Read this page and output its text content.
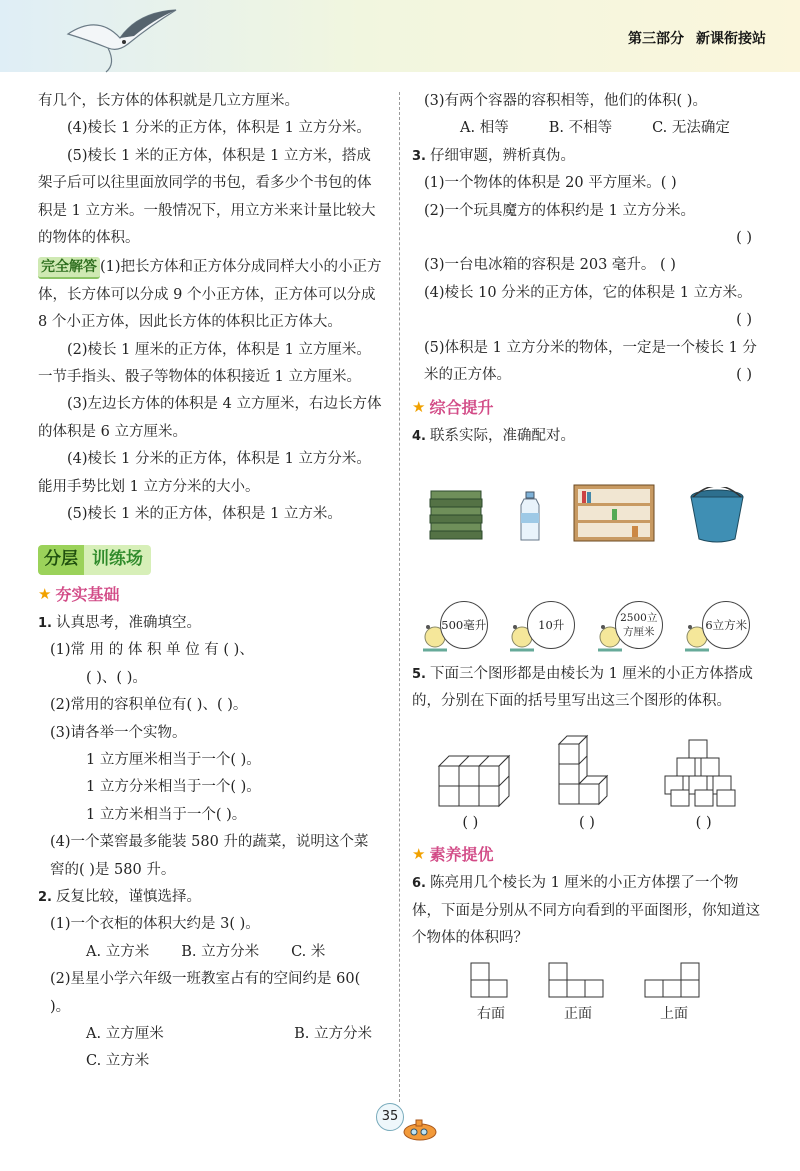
第三部分 新课衔接站

有几个，长方体的体积就是几立方厘米。

(4)棱长 1 分米的正方体，体积是 1 立方分米。

(5)棱长 1 米的正方体，体积是 1 立方米，搭成架子后可以往里面放同学的书包，看多少个书包的体积是 1 立方米。一般情况下，用立方米来计量比较大的物体的体积。

完全解答 (1)把长方体和正方体分成同样大小的小正方体，长方体可以分成 9 个小正方体，正方体可以分成 8 个小正方体，因此长方体的体积比正方体大。

(2)棱长 1 厘米的正方体，体积是 1 立方厘米。一节手指头、骰子等物体的体积接近 1 立方厘米。

(3)左边长方体的体积是 4 立方厘米，右边长方体的体积是 6 立方厘米。

(4)棱长 1 分米的正方体，体积是 1 立方分米。能用手势比划 1 立方分米的大小。

(5)棱长 1 米的正方体，体积是 1 立方米。

分层 训练场
★ 夯实基础

1. 认真思考，准确填空。

(1)常 用 的 体 积 单 位 有 ( )、

( )、( )。

(2)常用的容积单位有( )、( )。

(3)请各举一个实物。

1 立方厘米相当于一个( )。

1 立方分米相当于一个( )。

1 立方米相当于一个( )。

(4)一个菜窖最多能装 580 升的蔬菜，说明这个菜窖的( )是 580 升。

2. 反复比较，谨慎选择。

(1)一个衣柜的体积大约是 3( )。

A. 立方米 B. 立方分米 C. 米

(2)星星小学六年级一班教室占有的空间约是 60( )。

A. 立方厘米	B. 立方分米
C. 立方米

(3)有两个容器的容积相等，他们的体积( )。

A. 相等	B. 不相等	C. 无法确定

3. 仔细审题，辨析真伪。

(1)一个物体的体积是 20 平方厘米。( )

(2)一个玩具魔方的体积约是 1 立方分米。

( )

(3)一台电冰箱的容积是 203 毫升。 ( )

(4)棱长 10 分米的正方体，它的体积是 1 立方米。

( )

(5)体积是 1 立方分米的物体，一定是一个棱长 1 分米的正方体。	( )

★ 综合提升

4. 联系实际，准确配对。

500毫升	10升	2500立方厘米	6立方米

5. 下面三个图形都是由棱长为 1 厘米的小正方体搭成的，分别在下面的括号里写出这三个图形的体积。

( )	( )	( )
★ 素养提优

6. 陈亮用几个棱长为 1 厘米的小正方体摆了一个物体，下面是分别从不同方向看到的平面图形，你知道这个物体的体积吗？

右面	正面	上面
35
